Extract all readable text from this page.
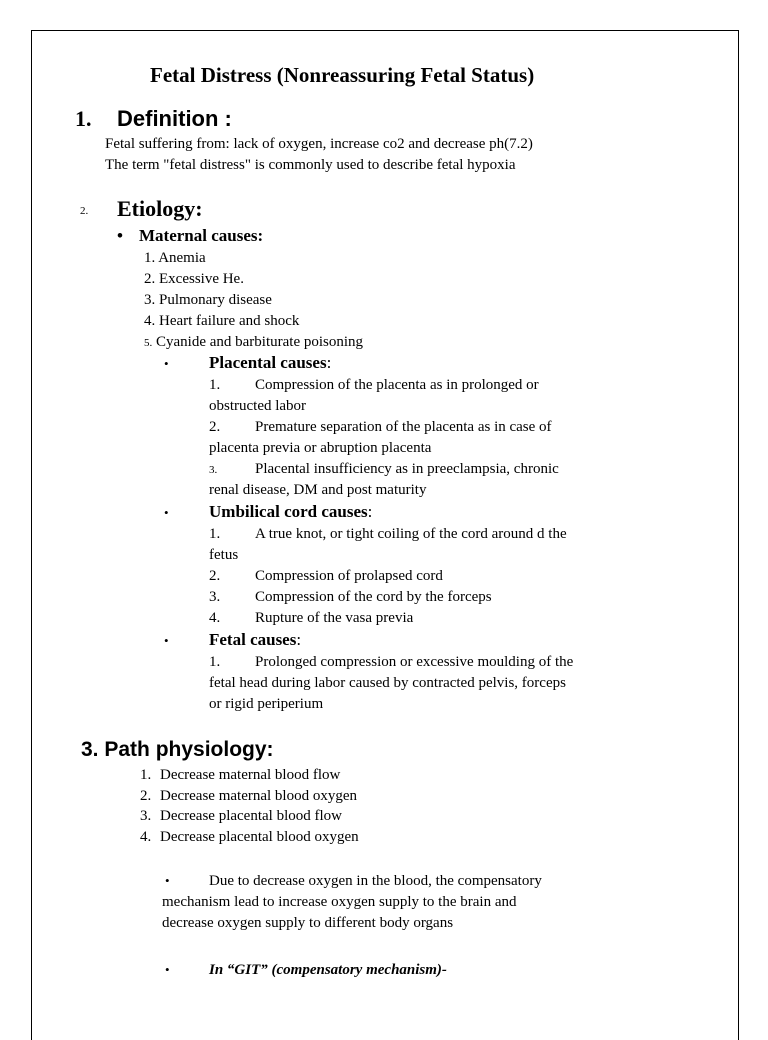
Fetal Distress (Nonreassuring Fetal Status)
1. Definition :
Fetal suffering from: lack of oxygen, increase co2 and decrease ph(7.2)
The term "fetal distress" is commonly used to describe fetal hypoxia
2. Etiology:
• Maternal causes:
1. Anemia
2. Excessive He.
3. Pulmonary disease
4. Heart failure and shock
5. Cyanide and barbiturate poisoning
• Placental causes:
1. Compression of the placenta as in prolonged or
obstructed labor
2. Premature separation of the placenta as in case of
placenta previa or abruption placenta
3.	Placental insufficiency as in preeclampsia, chronic
renal disease, DM and post maturity
• Umbilical cord causes:
1. A true knot, or tight coiling of the cord around d the
fetus
2. Compression of prolapsed cord
3. Compression of the cord by the forceps
4. Rupture of the vasa previa
• Fetal causes:
1. Prolonged compression or excessive moulding of the
fetal head during labor caused by contracted pelvis, forceps
or rigid periperium
3. Path physiology:
1. Decrease maternal blood flow
2. Decrease maternal blood oxygen
3. Decrease placental blood flow
4. Decrease placental blood oxygen
•	Due to decrease oxygen in the blood, the compensatory
mechanism lead to increase oxygen supply to the brain and
decrease oxygen supply to different body organs
•	In “GIT” (compensatory mechanism)-
